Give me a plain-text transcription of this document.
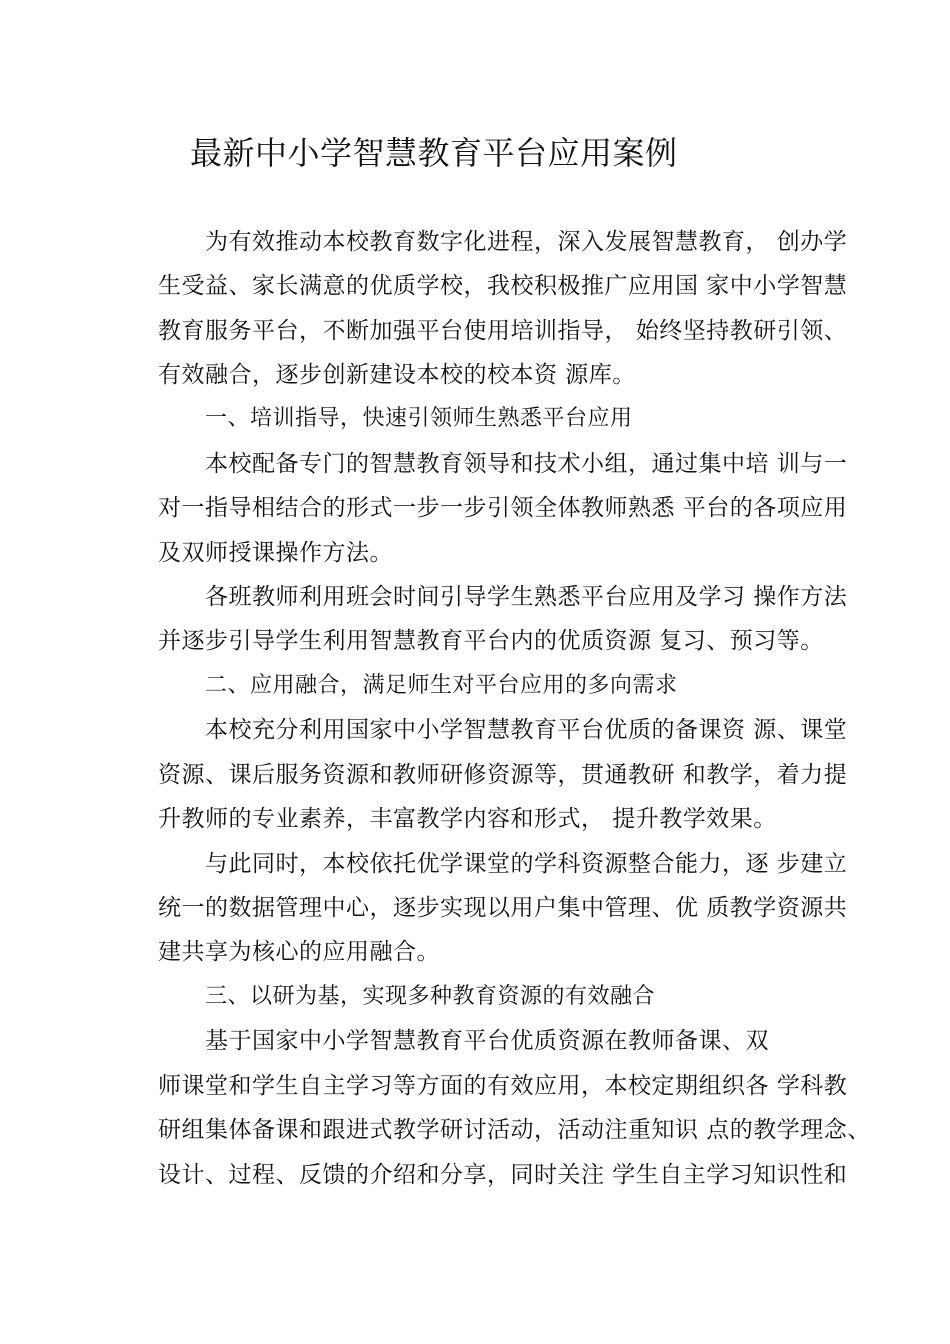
最新中小学智慧教育平台应用案例
为有效推动本校教育数字化进程，深入发展智慧教育， 创办学
生受益、家长满意的优质学校，我校积极推广应用国 家中小学智慧
教育服务平台，不断加强平台使用培训指导， 始终坚持教研引领、
有效融合，逐步创新建设本校的校本资 源库。
一、培训指导，快速引领师生熟悉平台应用
本校配备专门的智慧教育领导和技术小组，通过集中培 训与一
对一指导相结合的形式一步一步引领全体教师熟悉 平台的各项应用
及双师授课操作方法。
各班教师利用班会时间引导学生熟悉平台应用及学习 操作方法
并逐步引导学生利用智慧教育平台内的优质资源 复习、预习等。
二、应用融合，满足师生对平台应用的多向需求
本校充分利用国家中小学智慧教育平台优质的备课资 源、课堂
资源、课后服务资源和教师研修资源等，贯通教研 和教学，着力提
升教师的专业素养，丰富教学内容和形式， 提升教学效果。
与此同时，本校依托优学课堂的学科资源整合能力，逐 步建立
统一的数据管理中心，逐步实现以用户集中管理、优 质教学资源共
建共享为核心的应用融合。
三、以研为基，实现多种教育资源的有效融合
基于国家中小学智慧教育平台优质资源在教师备课、双
师课堂和学生自主学习等方面的有效应用，本校定期组织各 学科教
研组集体备课和跟进式教学研讨活动，活动注重知识 点的教学理念、
设计、过程、反馈的介绍和分享，同时关注 学生自主学习知识性和
